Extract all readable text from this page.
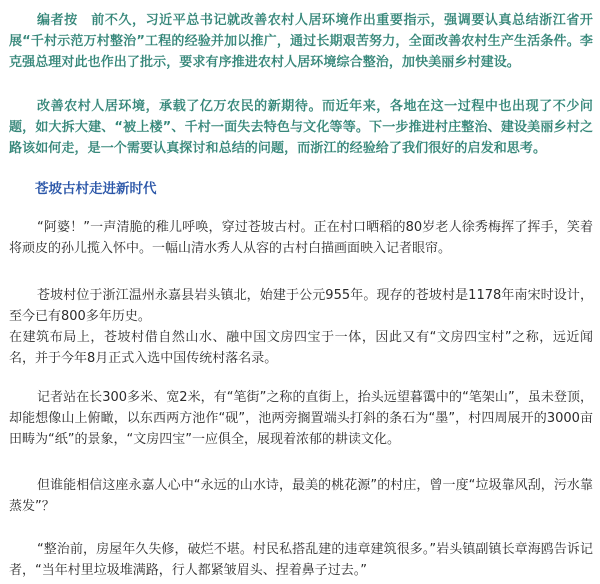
编者按　前不久，习近平总书记就改善农村人居环境作出重要指示，强调要认真总结浙江省开展“千村示范万村整治”工程的经验并加以推广，通过长期艰苦努力，全面改善农村生产生活条件。李克强总理对此也作出了批示，要求有序推进农村人居环境综合整治，加快美丽乡村建设。

改善农村人居环境，承载了亿万农民的新期待。而近年来，各地在这一过程中也出现了不少问题，如大拆大建、“被上楼”、千村一面失去特色与文化等等。下一步推进村庄整治、建设美丽乡村之路该如何走，是一个需要认真探讨和总结的问题，而浙江的经验给了我们很好的启发和思考。

苍坡古村走进新时代

“阿婆！”一声清脆的稚儿呼唤，穿过苍坡古村。正在村口晒稻的80岁老人徐秀梅挥了挥手，笑着将顽皮的孙儿揽入怀中。一幅山清水秀人从容的古村白描画面映入记者眼帘。

苍坡村位于浙江温州永嘉县岩头镇北，始建于公元955年。现存的苍坡村是1178年南宋时设计，至今已有800多年历史。

在建筑布局上，苍坡村借自然山水、融中国文房四宝于一体，因此又有“文房四宝村”之称，远近闻名，并于今年8月正式入选中国传统村落名录。

记者站在长300多米、宽2米，有“笔街”之称的直街上，抬头远望暮霭中的“笔架山”，虽未登顶，却能想像山上俯瞰，以东西两方池作“砚”，池两旁搁置端头打斜的条石为“墨”，村四周展开的3000亩田畴为“纸”的景象，“文房四宝”一应俱全，展现着浓郁的耕读文化。

但谁能相信这座永嘉人心中“永远的山水诗，最美的桃花源”的村庄，曾一度“垃圾靠风刮，污水靠蒸发”？

“整治前，房屋年久失修，破烂不堪。村民私搭乱建的违章建筑很多。”岩头镇副镇长章海鸥告诉记者，“当年村里垃圾堆满路，行人都紧皱眉头、捏着鼻子过去。”
